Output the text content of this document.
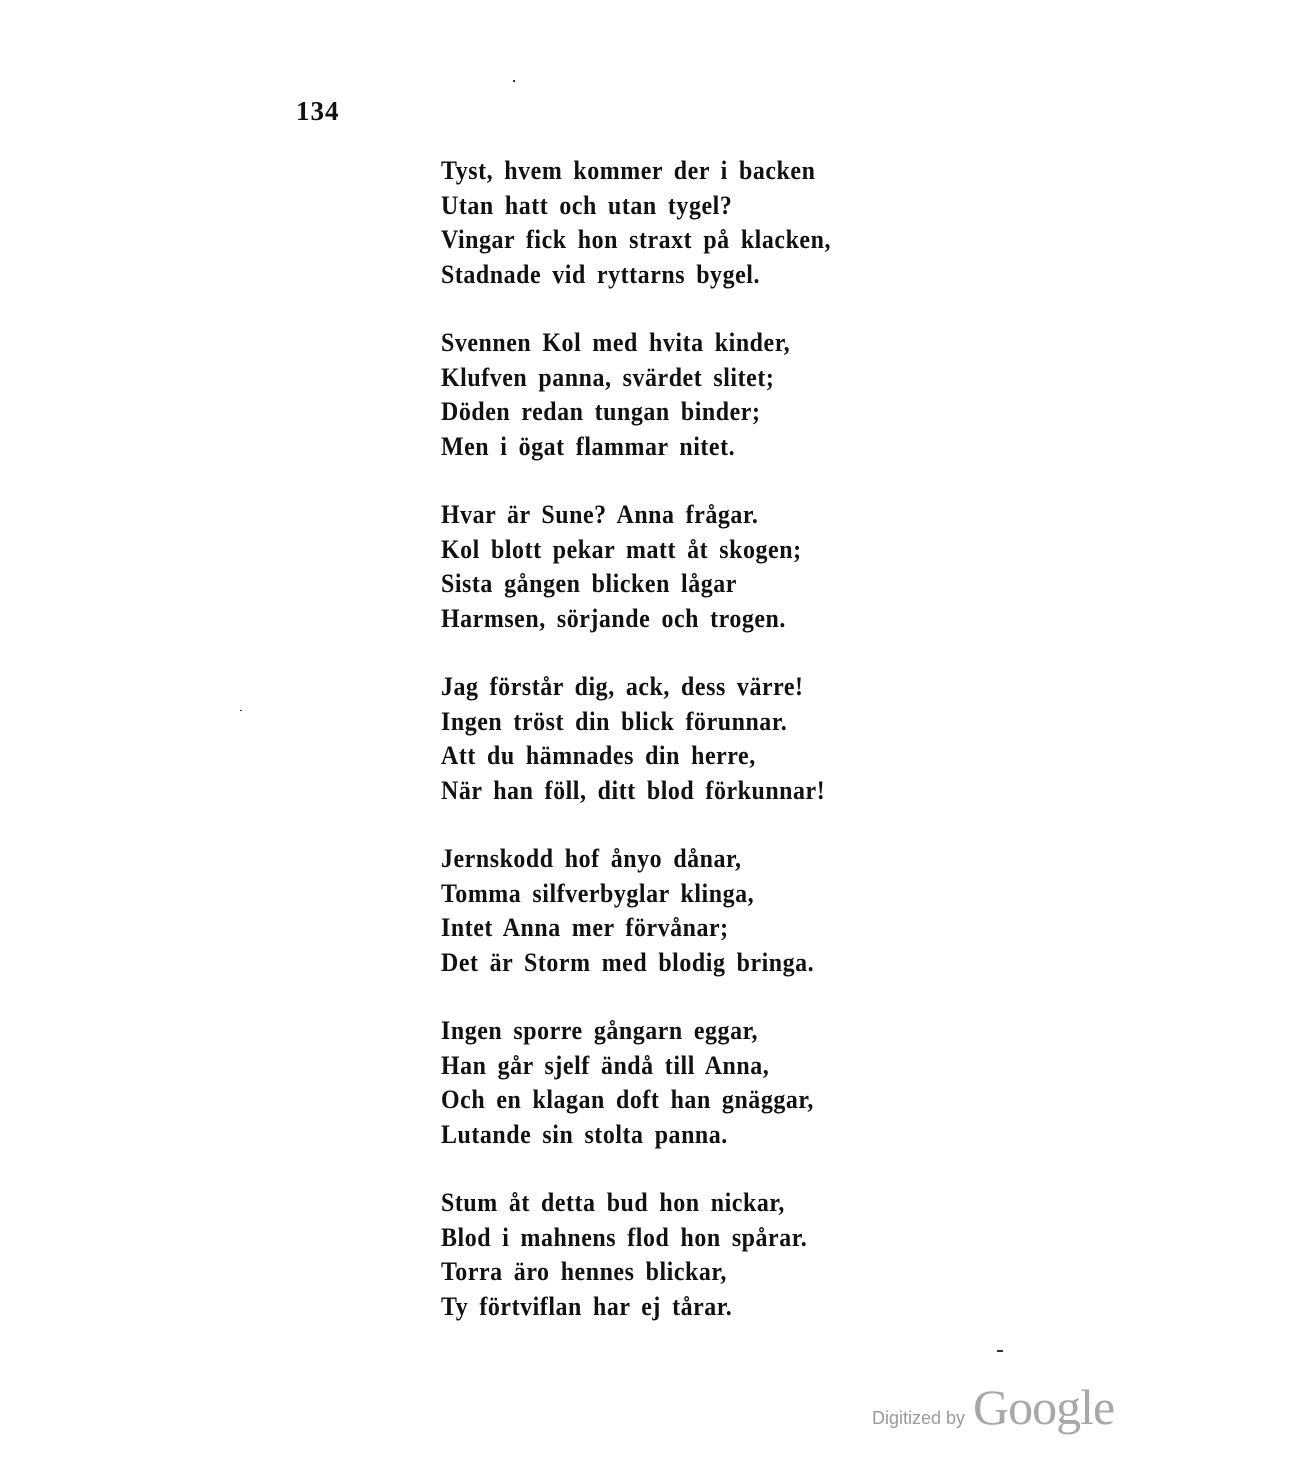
134
Tyst, hvem kommer der i backen
Utan hatt och utan tygel?
Vingar fick hon straxt på klacken,
Stadnade vid ryttarns bygel.
Svennen Kol med hvita kinder,
Klufven panna, svärdet slitet;
Döden redan tungan binder;
Men i ögat flammar nitet.
Hvar är Sune? Anna frågar.
Kol blott pekar matt åt skogen;
Sista gången blicken lågar
Harmsen, sörjande och trogen.
Jag förstår dig, ack, dess värre!
Ingen tröst din blick förunnar.
Att du hämnades din herre,
När han föll, ditt blod förkunnar!
Jernskodd hof ånyo dånar,
Tomma silfverbyglar klinga,
Intet Anna mer förvånar;
Det är Storm med blodig bringa.
Ingen sporre gångarn eggar,
Han går sjelf ändå till Anna,
Och en klagan doft han gnäggar,
Lutande sin stolta panna.
Stum åt detta bud hon nickar,
Blod i mahnens flod hon spårar.
Torra äro hennes blickar,
Ty förtviflan har ej tårar.
Digitized by Google
